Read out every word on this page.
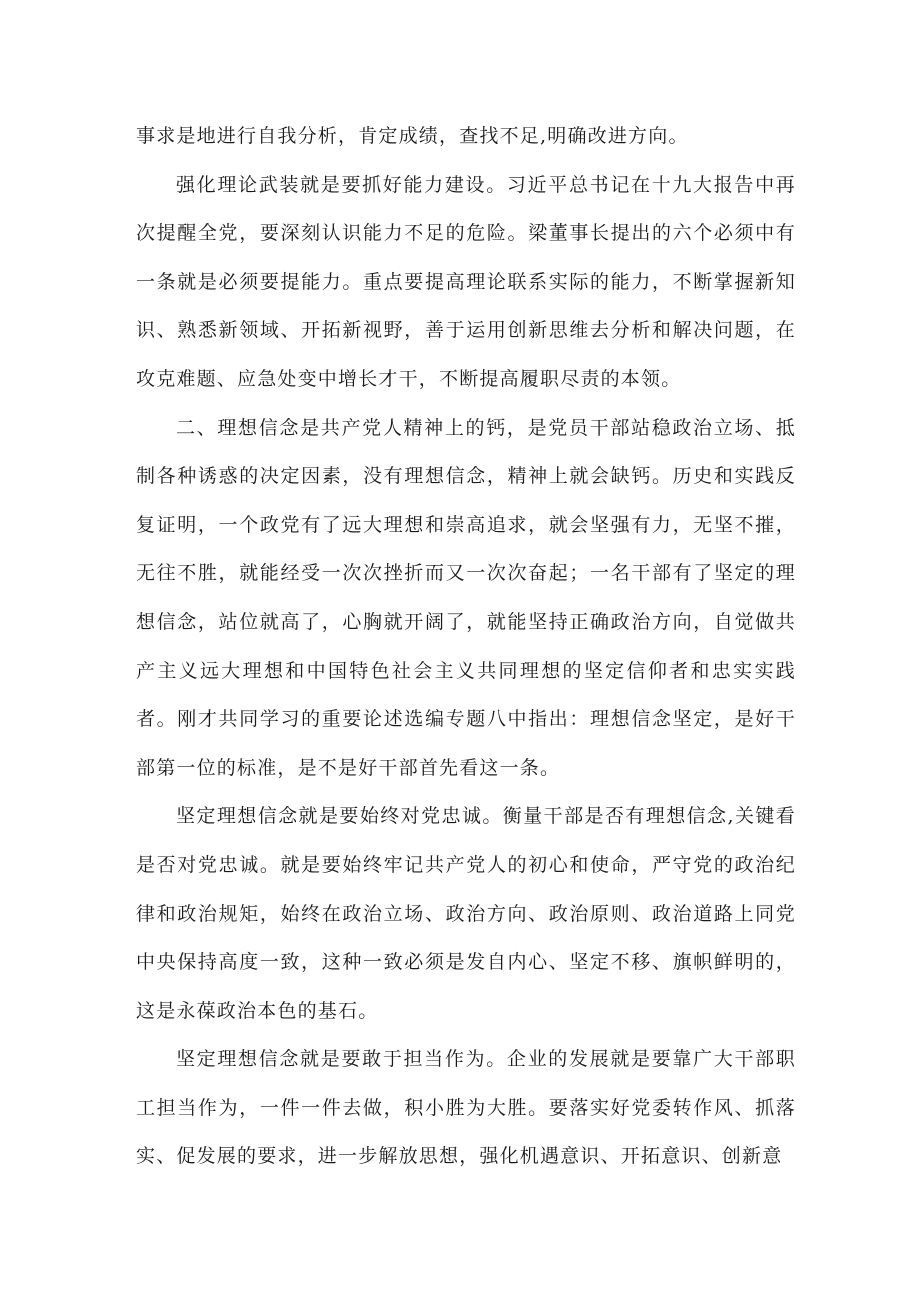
事求是地进行自我分析，肯定成绩，查找不足,明确改进方向。

强化理论武装就是要抓好能力建设。习近平总书记在十九大报告中再次提醒全党，要深刻认识能力不足的危险。梁董事长提出的六个必须中有一条就是必须要提能力。重点要提高理论联系实际的能力，不断掌握新知识、熟悉新领域、开拓新视野，善于运用创新思维去分析和解决问题，在攻克难题、应急处变中增长才干，不断提高履职尽责的本领。

二、理想信念是共产党人精神上的钙，是党员干部站稳政治立场、抵制各种诱惑的决定因素，没有理想信念，精神上就会缺钙。历史和实践反复证明，一个政党有了远大理想和崇高追求，就会坚强有力，无坚不摧，无往不胜，就能经受一次次挫折而又一次次奋起；一名干部有了坚定的理想信念，站位就高了，心胸就开阔了，就能坚持正确政治方向，自觉做共产主义远大理想和中国特色社会主义共同理想的坚定信仰者和忠实实践者。刚才共同学习的重要论述选编专题八中指出：理想信念坚定，是好干部第一位的标准，是不是好干部首先看这一条。

坚定理想信念就是要始终对党忠诚。衡量干部是否有理想信念,关键看是否对党忠诚。就是要始终牢记共产党人的初心和使命，严守党的政治纪律和政治规矩，始终在政治立场、政治方向、政治原则、政治道路上同党中央保持高度一致，这种一致必须是发自内心、坚定不移、旗帜鲜明的，这是永葆政治本色的基石。

坚定理想信念就是要敢于担当作为。企业的发展就是要靠广大干部职工担当作为，一件一件去做，积小胜为大胜。要落实好党委转作风、抓落实、促发展的要求，进一步解放思想，强化机遇意识、开拓意识、创新意
